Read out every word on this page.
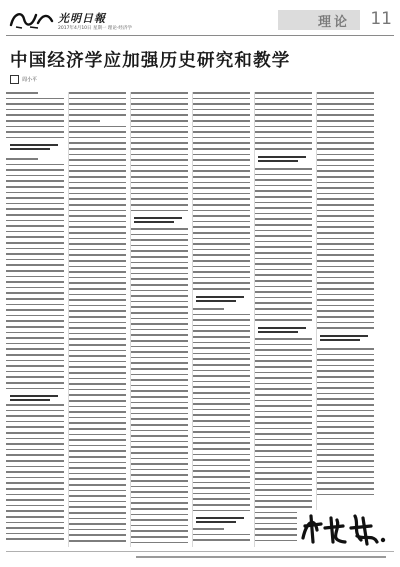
光明日報
2017年4月10日 星期一 理论·经济学	理论 11
中国经济学应加强历史研究和教学
周小平
